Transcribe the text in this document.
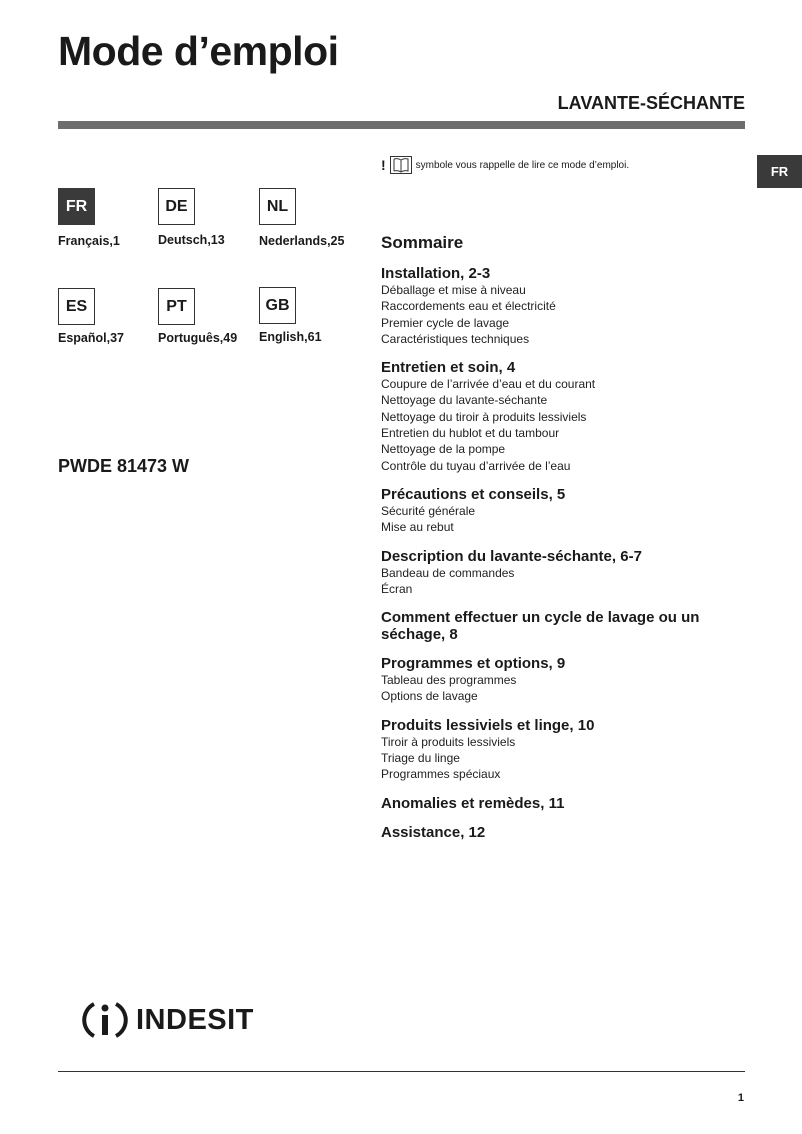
Mode d’emploi
LAVANTE-SÉCHANTE
FR
FR
Français,1
DE
Deutsch,13
NL
Nederlands,25
ES
Español,37
PT
Português,49
GB
English,61
PWDE 81473 W
!	symbole vous rappelle de lire ce mode d’emploi.
Sommaire
Installation, 2-3
Déballage et mise à niveau
Raccordements eau et électricité
Premier cycle de lavage
Caractéristiques techniques
Entretien et soin, 4
Coupure de l’arrivée d’eau et du courant
Nettoyage du lavante-séchante
Nettoyage du tiroir à produits lessiviels
Entretien du hublot et du tambour
Nettoyage de la pompe
Contrôle du tuyau d’arrivée de l’eau
Précautions et conseils, 5
Sécurité générale
Mise au rebut
Description du lavante-séchante, 6-7
Bandeau de commandes
Écran
Comment effectuer un cycle de lavage ou un séchage, 8
Programmes et options, 9
Tableau des programmes
Options de lavage
Produits lessiviels et linge, 10
Tiroir à produits lessiviels
Triage du linge
Programmes spéciaux
Anomalies et remèdes, 11
Assistance, 12
INDESIT
1
